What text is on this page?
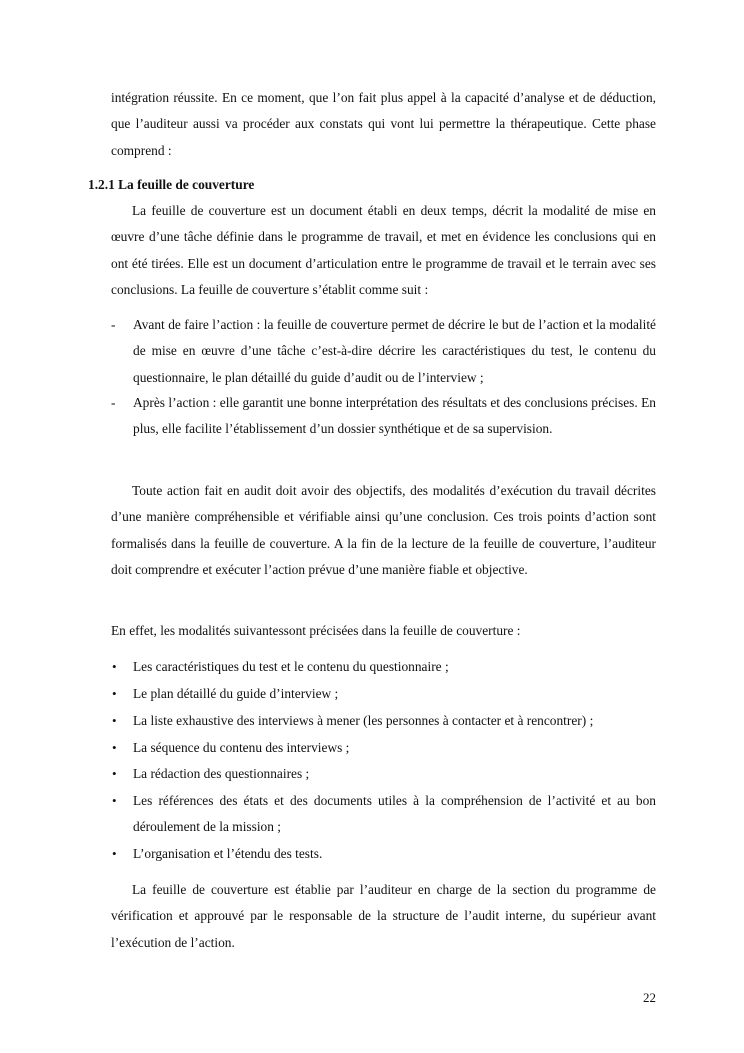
intégration réussite. En ce moment, que l’on fait plus appel à la capacité d’analyse et de déduction, que l’auditeur aussi va procéder aux constats qui vont lui permettre la thérapeutique. Cette phase comprend :

1.2.1 La feuille de couverture

La feuille de couverture est un document établi en deux temps, décrit la modalité de mise en œuvre d’une tâche définie dans le programme de travail, et met en évidence les conclusions qui en ont été tirées. Elle est un document d’articulation entre le programme de travail et le terrain avec ses conclusions. La feuille de couverture s’établit comme suit :

-	Avant de faire l’action : la feuille de couverture permet de décrire le but de l’action et la modalité de mise en œuvre d’une tâche c’est-à-dire décrire les caractéristiques du test, le contenu du questionnaire, le plan détaillé du guide d’audit ou de l’interview ;

-	Après l’action : elle garantit une bonne interprétation des résultats et des conclusions précises. En plus, elle facilite l’établissement d’un dossier synthétique et de sa supervision.

Toute action fait en audit doit avoir des objectifs, des modalités d’exécution du travail décrites d’une manière compréhensible et vérifiable ainsi qu’une conclusion. Ces trois points d’action sont formalisés dans la feuille de couverture. A la fin de la lecture de la feuille de couverture, l’auditeur doit comprendre et exécuter l’action prévue d’une manière fiable et objective.

En effet, les modalités suivantessont précisées dans la feuille de couverture :

•	Les caractéristiques du test et le contenu du questionnaire ;

•	Le plan détaillé du guide d’interview ;

•	La liste exhaustive des interviews à mener (les personnes à contacter et à rencontrer) ;

•	La séquence du contenu des interviews ;

•	La rédaction des questionnaires ;

•	Les références des états et des documents utiles à la compréhension de l’activité et au bon déroulement de la mission ;

•	L’organisation et l’étendu des tests.

La feuille de couverture est établie par l’auditeur en charge de la section du programme de vérification et approuvé par le responsable de la structure de l’audit interne, du supérieur avant l’exécution de l’action.

22
